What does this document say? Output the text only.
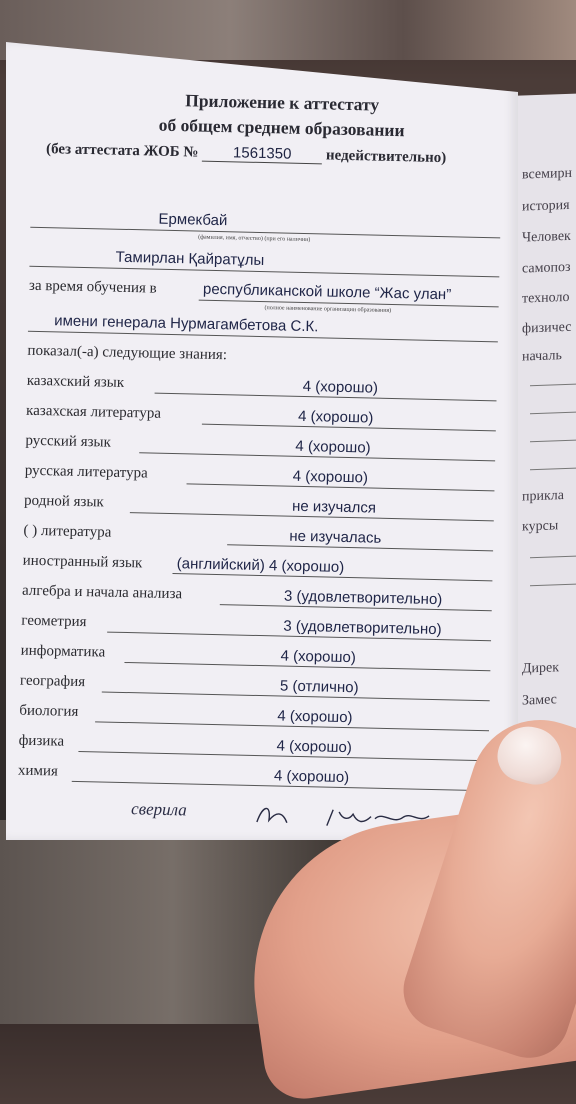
всемирн
история
Человек
самопоз
техноло
физичес
началь
прикла
курсы
Дирек
Замес
Приложение к аттестату
об общем среднем образовании
(без аттестата ЖОБ № 1561350 недействительно)
Ермекбай
(фамилия, имя, отчество) (при его наличии)
Тамирлан Қайратұлы
за время обучения в	республиканской школе “Жас улан”
(полное наименование организации образования)
имени генерала Нурмагамбетова С.К.
показал(-а) следующие знания:
казахский язык	4 (хорошо)
казахская литература	4 (хорошо)
русский язык	4 (хорошо)
русская литература	4 (хорошо)
родной язык	не изучался
( ) литература	не изучалась
иностранный язык (английский) 4 (хорошо)
алгебра и начала анализа	3 (удовлетворительно)
геометрия	3 (удовлетворительно)
информатика	4 (хорошо)
география	5 (отлично)
биология	4 (хорошо)
физика	4 (хорошо)
химия	4 (хорошо)
сверила
